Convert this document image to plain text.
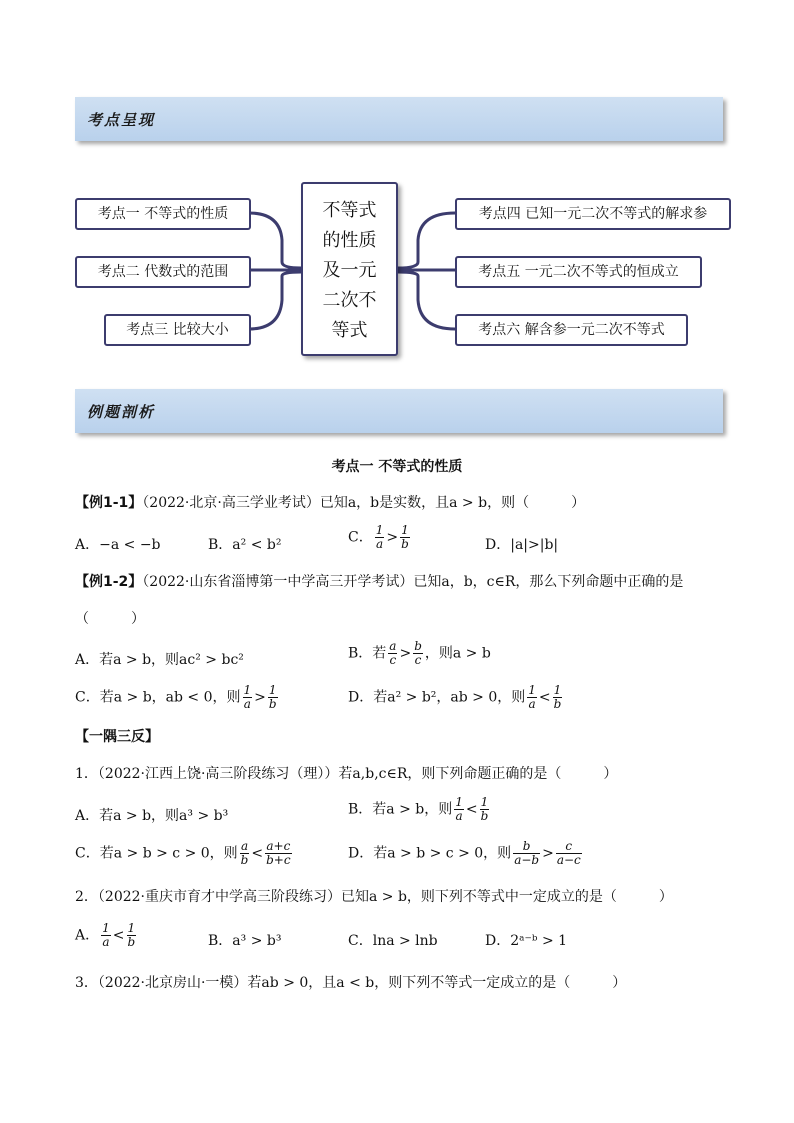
考点呈现
考点一 不等式的性质
考点二 代数式的范围
考点三 比较大小
不等式
的性质
及一元
二次不
等式
考点四 已知一元二次不等式的解求参
考点五 一元二次不等式的恒成立
考点六 解含参一元二次不等式
例题剖析
考点一 不等式的性质
【例1-1】（2022·北京·高三学业考试）已知a，b是实数，且a > b，则（　　　）
A．−a < −b	B．a² < b²	C． $\frac{1}{a} > \frac{1}{b}$	D．|a|>|b|
【例1-2】（2022·山东省淄博第一中学高三开学考试）已知a，b，c∈R，那么下列命题中正确的是
（　　　）
A．若a > b，则ac² > bc²	B．若 $\frac{a}{c} > \frac{b}{c}$ ，则a > b
C．若a > b，ab < 0，则 $\frac{1}{a} > \frac{1}{b}$	D．若a² > b²，ab > 0，则 $\frac{1}{a} < \frac{1}{b}$
【一隅三反】
1．（2022·江西上饶·高三阶段练习（理））若a,b,c∈R，则下列命题正确的是（　　　）
A．若a > b，则a³ > b³	B．若a > b，则 $\frac{1}{a} < \frac{1}{b}$
C．若a > b > c > 0，则 $\frac{a}{b} < \frac{a+c}{b+c}$	D．若a > b > c > 0，则 $\frac{b}{a-b} > \frac{c}{a-c}$
2．（2022·重庆市育才中学高三阶段练习）已知a > b，则下列不等式中一定成立的是（　　　）
A． $\frac{1}{a} < \frac{1}{b}$	B．a³ > b³	C．lna > lnb	D．2ᵃ⁻ᵇ > 1
3．（2022·北京房山·一模）若ab > 0，且a < b，则下列不等式一定成立的是（　　　）
